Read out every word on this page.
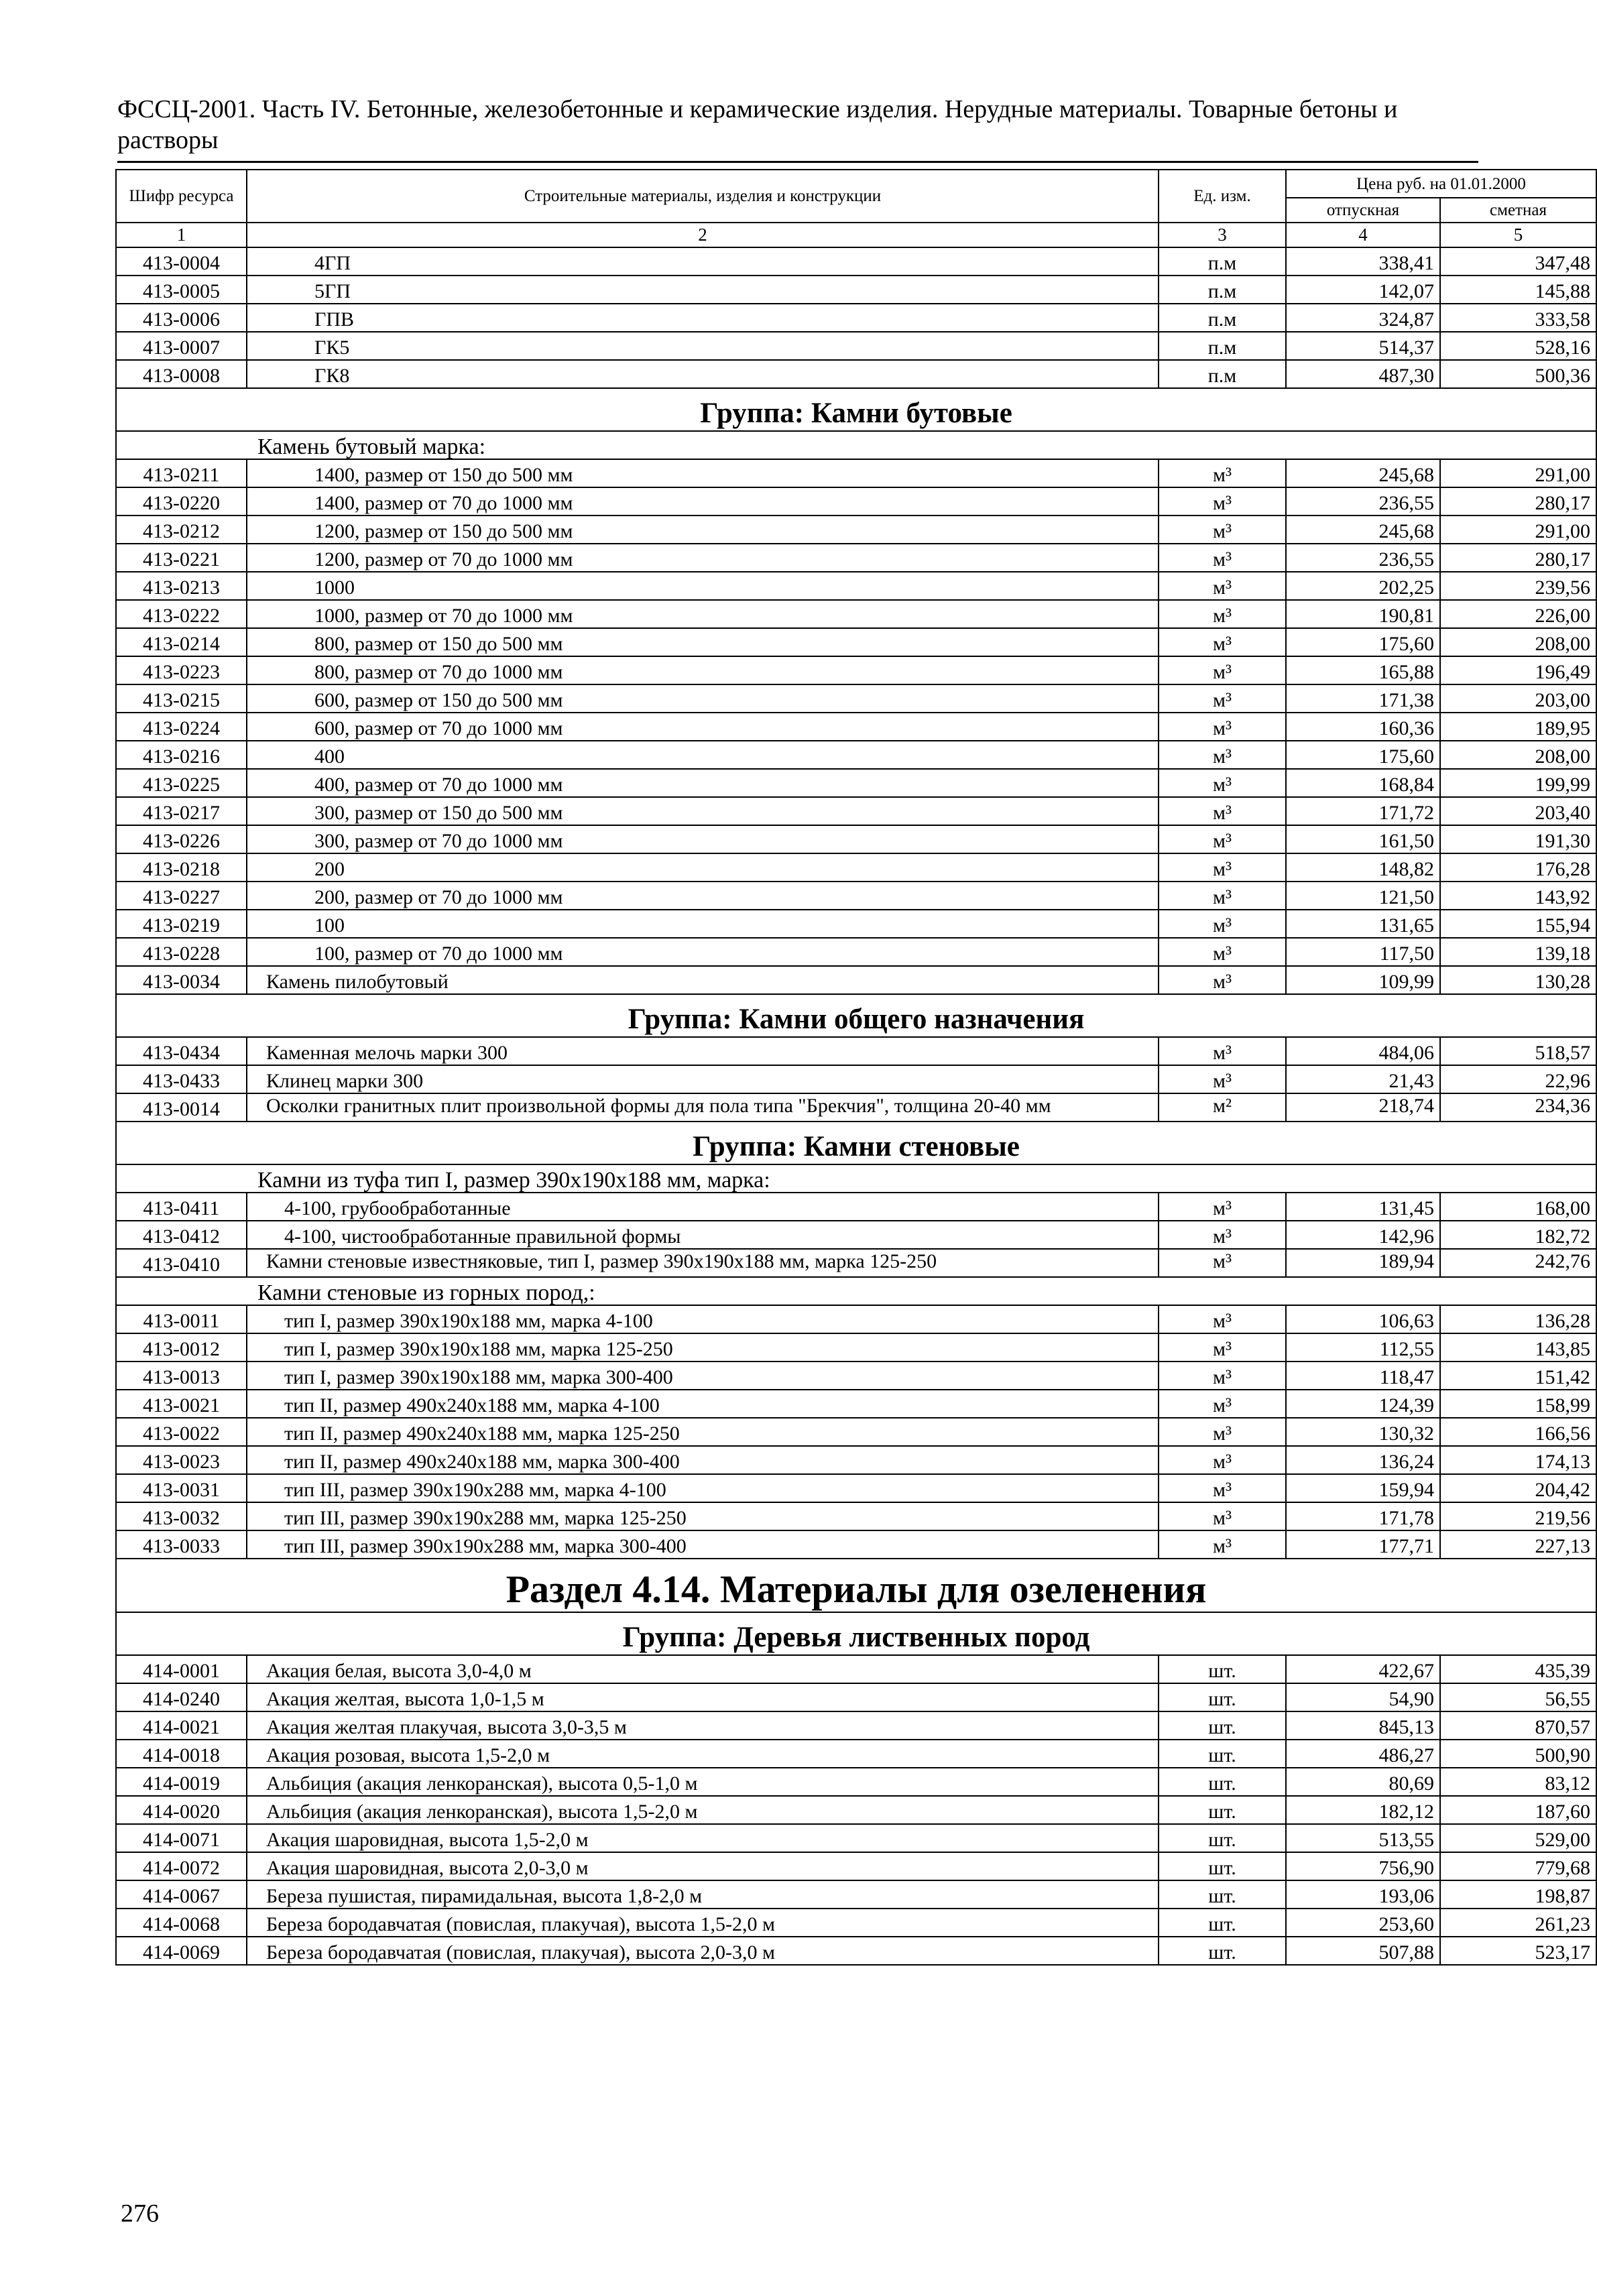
ФССЦ-2001. Часть IV. Бетонные, железобетонные и керамические изделия. Нерудные материалы. Товарные бетоны и растворы
Шифр ресурса	Строительные материалы, изделия и конструкции	Ед. изм.	Цена руб. на 01.01.2000	
			отпускная	сметная
1	2	3	4	5
413-0004	4ГП	п.м	338,41	347,48
413-0005	5ГП	п.м	142,07	145,88
413-0006	ГПВ	п.м	324,87	333,58
413-0007	ГК5	п.м	514,37	528,16
413-0008	ГК8	п.м	487,30	500,36
Группа: Камни бутовые				
Камень бутовый марка:				
413-0211	1400, размер от 150 до 500 мм	м³	245,68	291,00
413-0220	1400, размер от 70 до 1000 мм	м³	236,55	280,17
413-0212	1200, размер от 150 до 500 мм	м³	245,68	291,00
413-0221	1200, размер от 70 до 1000 мм	м³	236,55	280,17
413-0213	1000	м³	202,25	239,56
413-0222	1000, размер от 70 до 1000 мм	м³	190,81	226,00
413-0214	800, размер от 150 до 500 мм	м³	175,60	208,00
413-0223	800, размер от 70 до 1000 мм	м³	165,88	196,49
413-0215	600, размер от 150 до 500 мм	м³	171,38	203,00
413-0224	600, размер от 70 до 1000 мм	м³	160,36	189,95
413-0216	400	м³	175,60	208,00
413-0225	400, размер от 70 до 1000 мм	м³	168,84	199,99
413-0217	300, размер от 150 до 500 мм	м³	171,72	203,40
413-0226	300, размер от 70 до 1000 мм	м³	161,50	191,30
413-0218	200	м³	148,82	176,28
413-0227	200, размер от 70 до 1000 мм	м³	121,50	143,92
413-0219	100	м³	131,65	155,94
413-0228	100, размер от 70 до 1000 мм	м³	117,50	139,18
413-0034	Камень пилобутовый	м³	109,99	130,28
Группа: Камни общего назначения				
413-0434	Каменная мелочь марки 300	м³	484,06	518,57
413-0433	Клинец марки 300	м³	21,43	22,96
413-0014	Осколки гранитных плит произвольной формы для пола типа "Брекчия", толщина 20-40 мм	м²	218,74	234,36
Группа: Камни стеновые				
Камни из туфа тип I, размер 390x190x188 мм, марка:				
413-0411	4-100, грубообработанные	м³	131,45	168,00
413-0412	4-100, чистообработанные правильной формы	м³	142,96	182,72
413-0410	Камни стеновые известняковые, тип I, размер 390x190x188 мм, марка 125-250	м³	189,94	242,76
Камни стеновые из горных пород,:				
413-0011	тип I, размер 390x190x188 мм, марка 4-100	м³	106,63	136,28
413-0012	тип I, размер 390x190x188 мм, марка 125-250	м³	112,55	143,85
413-0013	тип I, размер 390x190x188 мм, марка 300-400	м³	118,47	151,42
413-0021	тип II, размер 490x240x188 мм, марка 4-100	м³	124,39	158,99
413-0022	тип II, размер 490x240x188 мм, марка 125-250	м³	130,32	166,56
413-0023	тип II, размер 490x240x188 мм, марка 300-400	м³	136,24	174,13
413-0031	тип III, размер 390x190x288 мм, марка 4-100	м³	159,94	204,42
413-0032	тип III, размер 390x190x288 мм, марка 125-250	м³	171,78	219,56
413-0033	тип III, размер 390x190x288 мм, марка 300-400	м³	177,71	227,13
Раздел 4.14. Материалы для озеленения				
Группа: Деревья лиственных пород				
414-0001	Акация белая, высота 3,0-4,0 м	шт.	422,67	435,39
414-0240	Акация желтая, высота 1,0-1,5 м	шт.	54,90	56,55
414-0021	Акация желтая плакучая, высота 3,0-3,5 м	шт.	845,13	870,57
414-0018	Акация розовая, высота 1,5-2,0 м	шт.	486,27	500,90
414-0019	Альбиция (акация ленкоранская), высота 0,5-1,0 м	шт.	80,69	83,12
414-0020	Альбиция (акация ленкоранская), высота 1,5-2,0 м	шт.	182,12	187,60
414-0071	Акация шаровидная, высота 1,5-2,0 м	шт.	513,55	529,00
414-0072	Акация шаровидная, высота 2,0-3,0 м	шт.	756,90	779,68
414-0067	Береза пушистая, пирамидальная, высота 1,8-2,0 м	шт.	193,06	198,87
414-0068	Береза бородавчатая (повислая, плакучая), высота 1,5-2,0 м	шт.	253,60	261,23
414-0069	Береза бородавчатая (повислая, плакучая), высота 2,0-3,0 м	шт.	507,88	523,17
276
